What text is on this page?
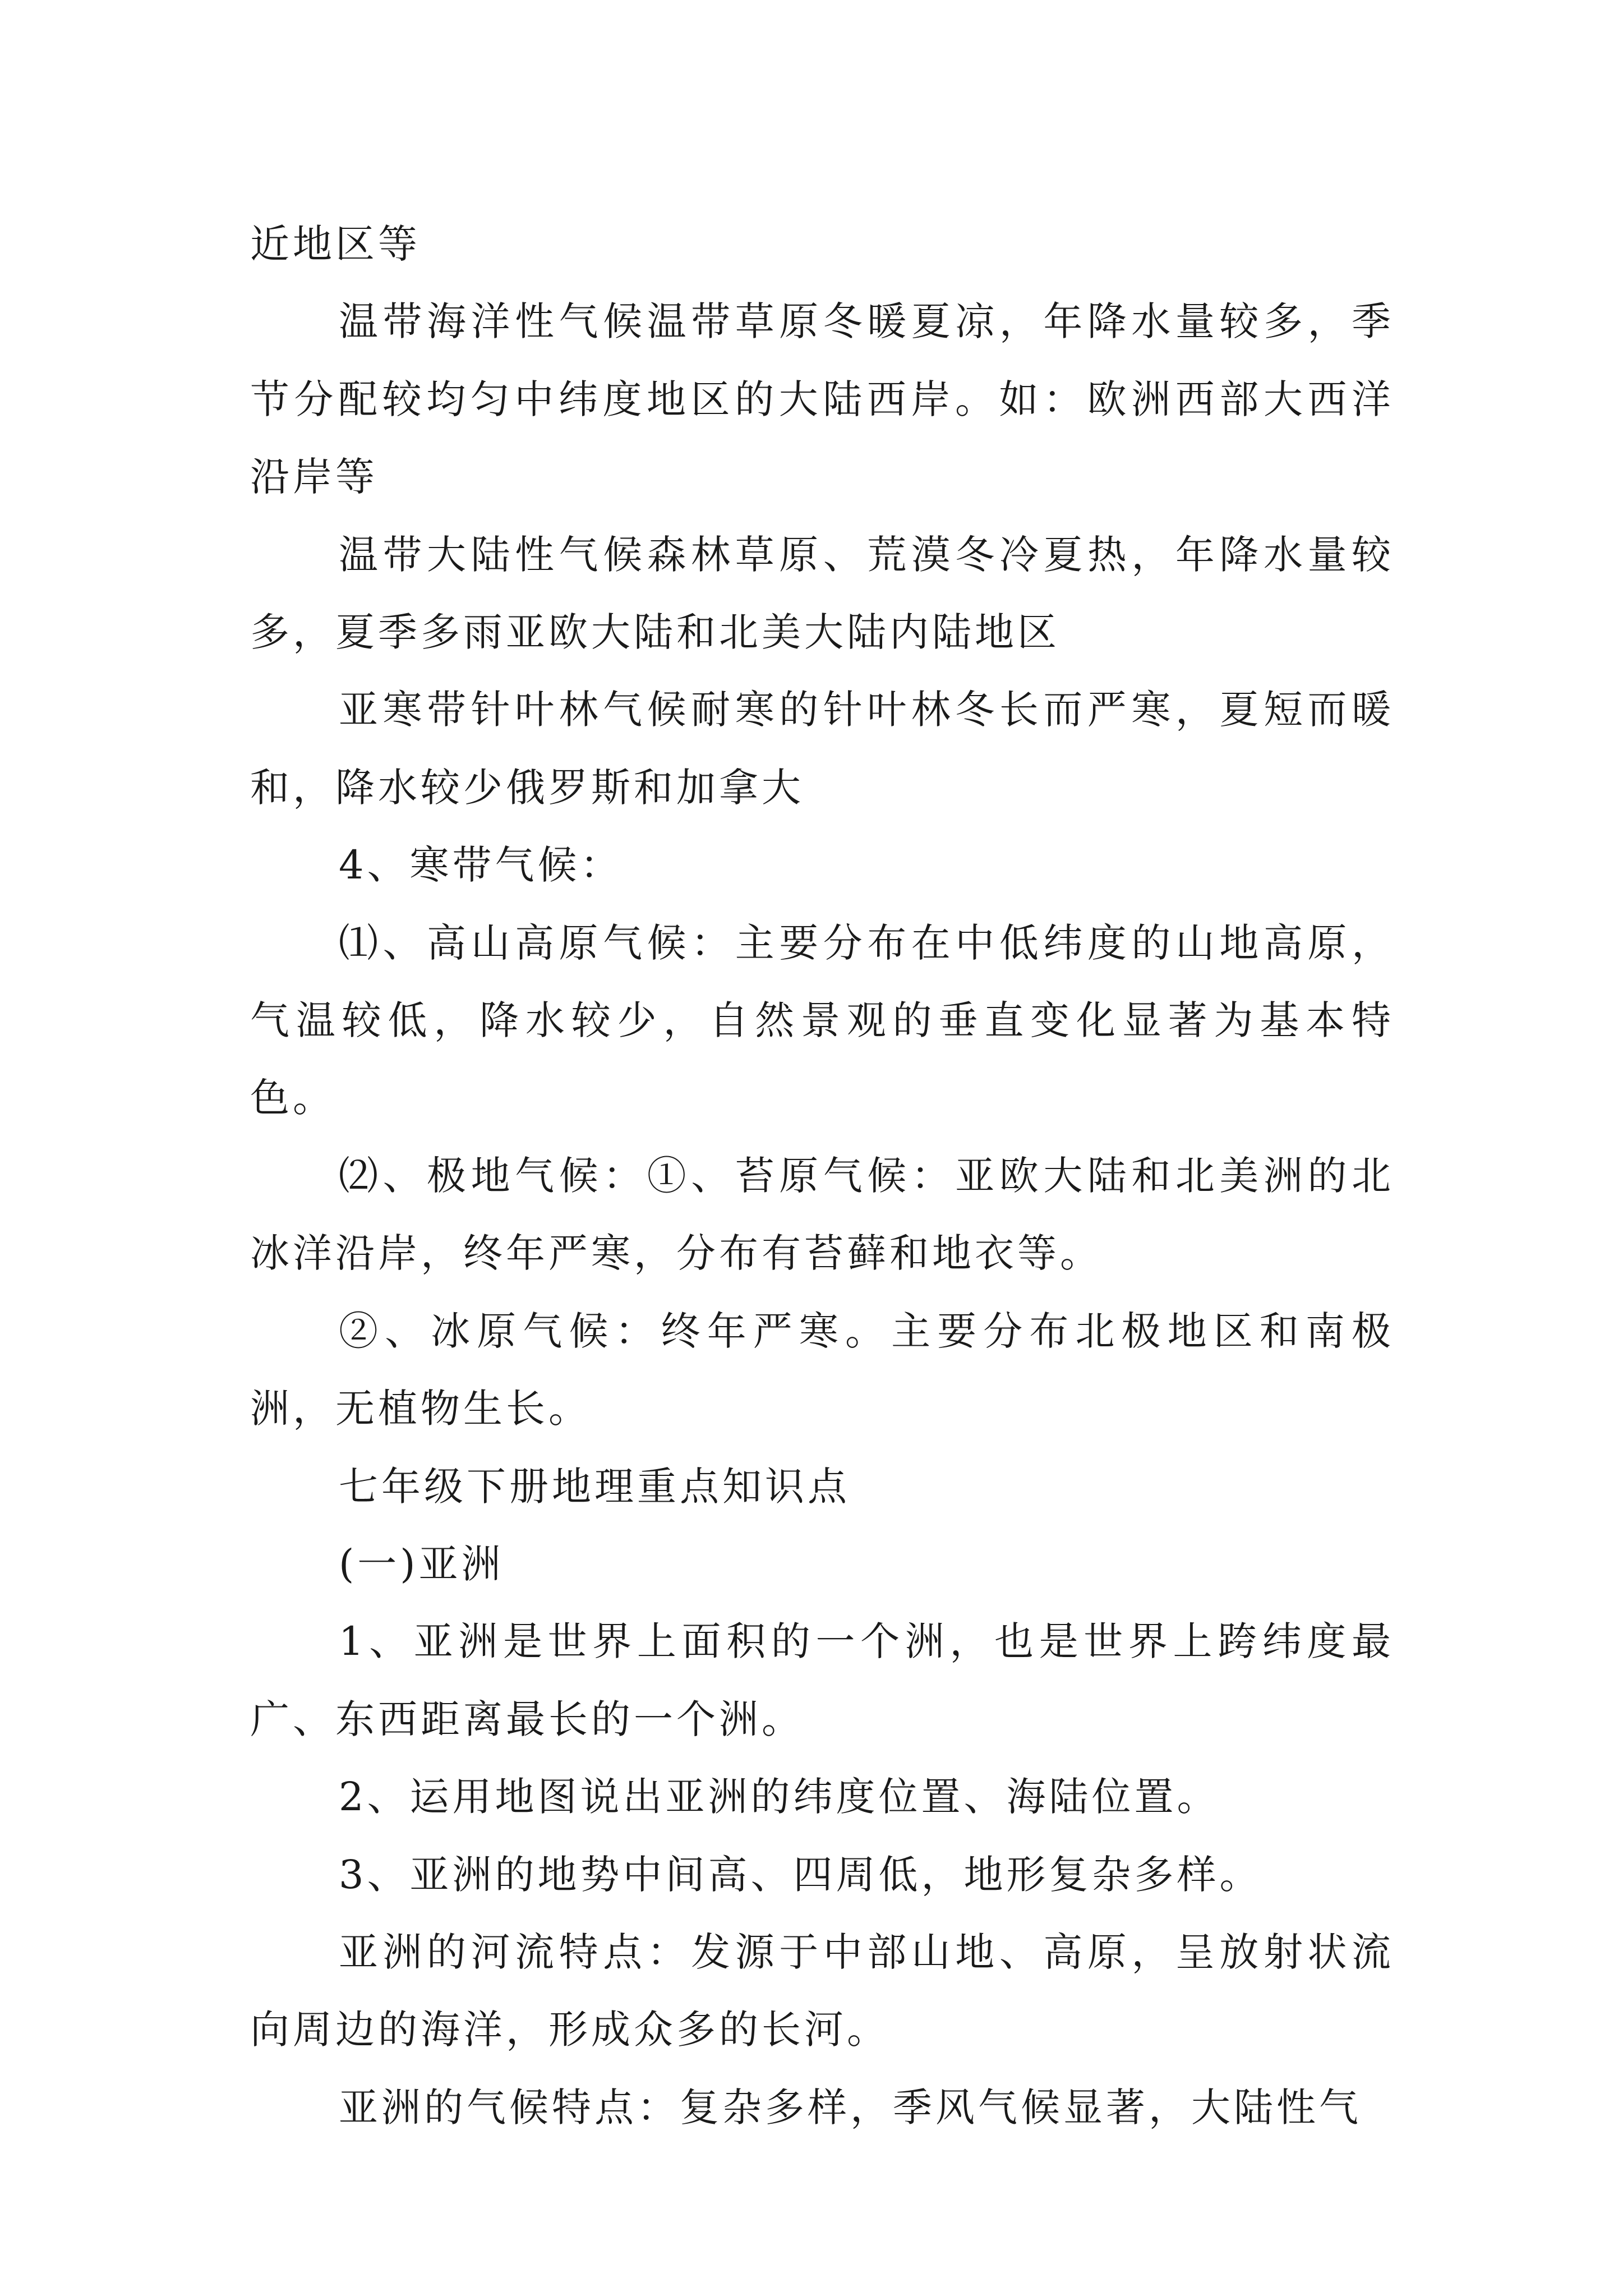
近地区等

温带海洋性气候温带草原冬暖夏凉，年降水量较多，季节分配较均匀中纬度地区的大陆西岸。如：欧洲西部大西洋沿岸等

温带大陆性气候森林草原、荒漠冬冷夏热，年降水量较多，夏季多雨亚欧大陆和北美大陆内陆地区

亚寒带针叶林气候耐寒的针叶林冬长而严寒，夏短而暖和，降水较少俄罗斯和加拿大

4、寒带气候：

⑴、高山高原气候：主要分布在中低纬度的山地高原，气温较低，降水较少，自然景观的垂直变化显著为基本特色。

⑵、极地气候：①、苔原气候：亚欧大陆和北美洲的北冰洋沿岸，终年严寒，分布有苔藓和地衣等。

②、冰原气候：终年严寒。主要分布北极地区和南极洲，无植物生长。

七年级下册地理重点知识点

(一)亚洲

1、亚洲是世界上面积的一个洲，也是世界上跨纬度最广、东西距离最长的一个洲。

2、运用地图说出亚洲的纬度位置、海陆位置。

3、亚洲的地势中间高、四周低，地形复杂多样。

亚洲的河流特点：发源于中部山地、高原，呈放射状流向周边的海洋，形成众多的长河。

亚洲的气候特点：复杂多样，季风气候显著，大陆性气
